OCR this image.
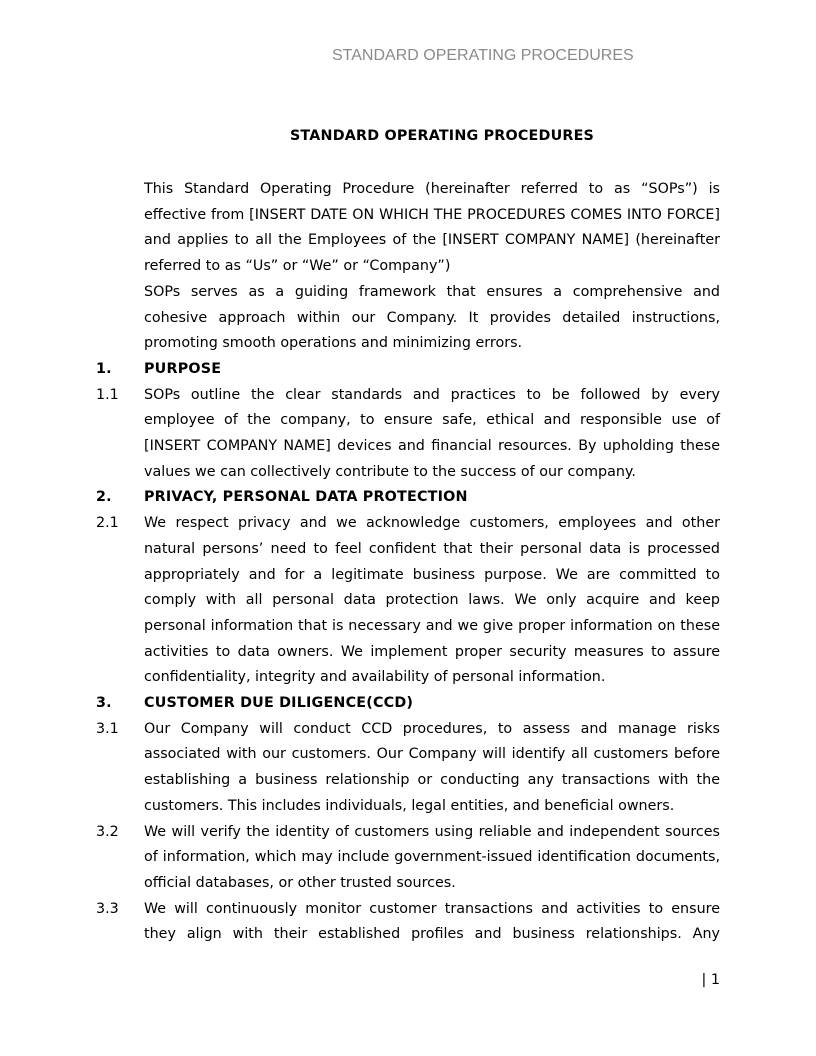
STANDARD OPERATING PROCEDURES
STANDARD OPERATING PROCEDURES

This Standard Operating Procedure (hereinafter referred to as “SOPs”) is effective from [INSERT DATE ON WHICH THE PROCEDURES COMES INTO FORCE] and applies to all the Employees of the [INSERT COMPANY NAME] (hereinafter referred to as “Us” or “We” or “Company”)

SOPs serves as a guiding framework that ensures a comprehensive and cohesive approach within our Company. It provides detailed instructions, promoting smooth operations and minimizing errors.

1.	PURPOSE
1.1	SOPs outline the clear standards and practices to be followed by every employee of the company, to ensure safe, ethical and responsible use of [INSERT COMPANY NAME] devices and financial resources. By upholding these values we can collectively contribute to the success of our company.
2.	PRIVACY, PERSONAL DATA PROTECTION
2.1	We respect privacy and we acknowledge customers, employees and other natural persons’ need to feel confident that their personal data is processed appropriately and for a legitimate business purpose. We are committed to comply with all personal data protection laws. We only acquire and keep personal information that is necessary and we give proper information on these activities to data owners. We implement proper security measures to assure confidentiality, integrity and availability of personal information.
3.	CUSTOMER DUE DILIGENCE(CCD)
3.1	Our Company will conduct CCD procedures, to assess and manage risks associated with our customers. Our Company will identify all customers before establishing a business relationship or conducting any transactions with the customers. This includes individuals, legal entities, and beneficial owners.
3.2	We will verify the identity of customers using reliable and independent sources of information, which may include government-issued identification documents, official databases, or other trusted sources.
3.3	We will continuously monitor customer transactions and activities to ensure they align with their established profiles and business relationships. Any
| 1
